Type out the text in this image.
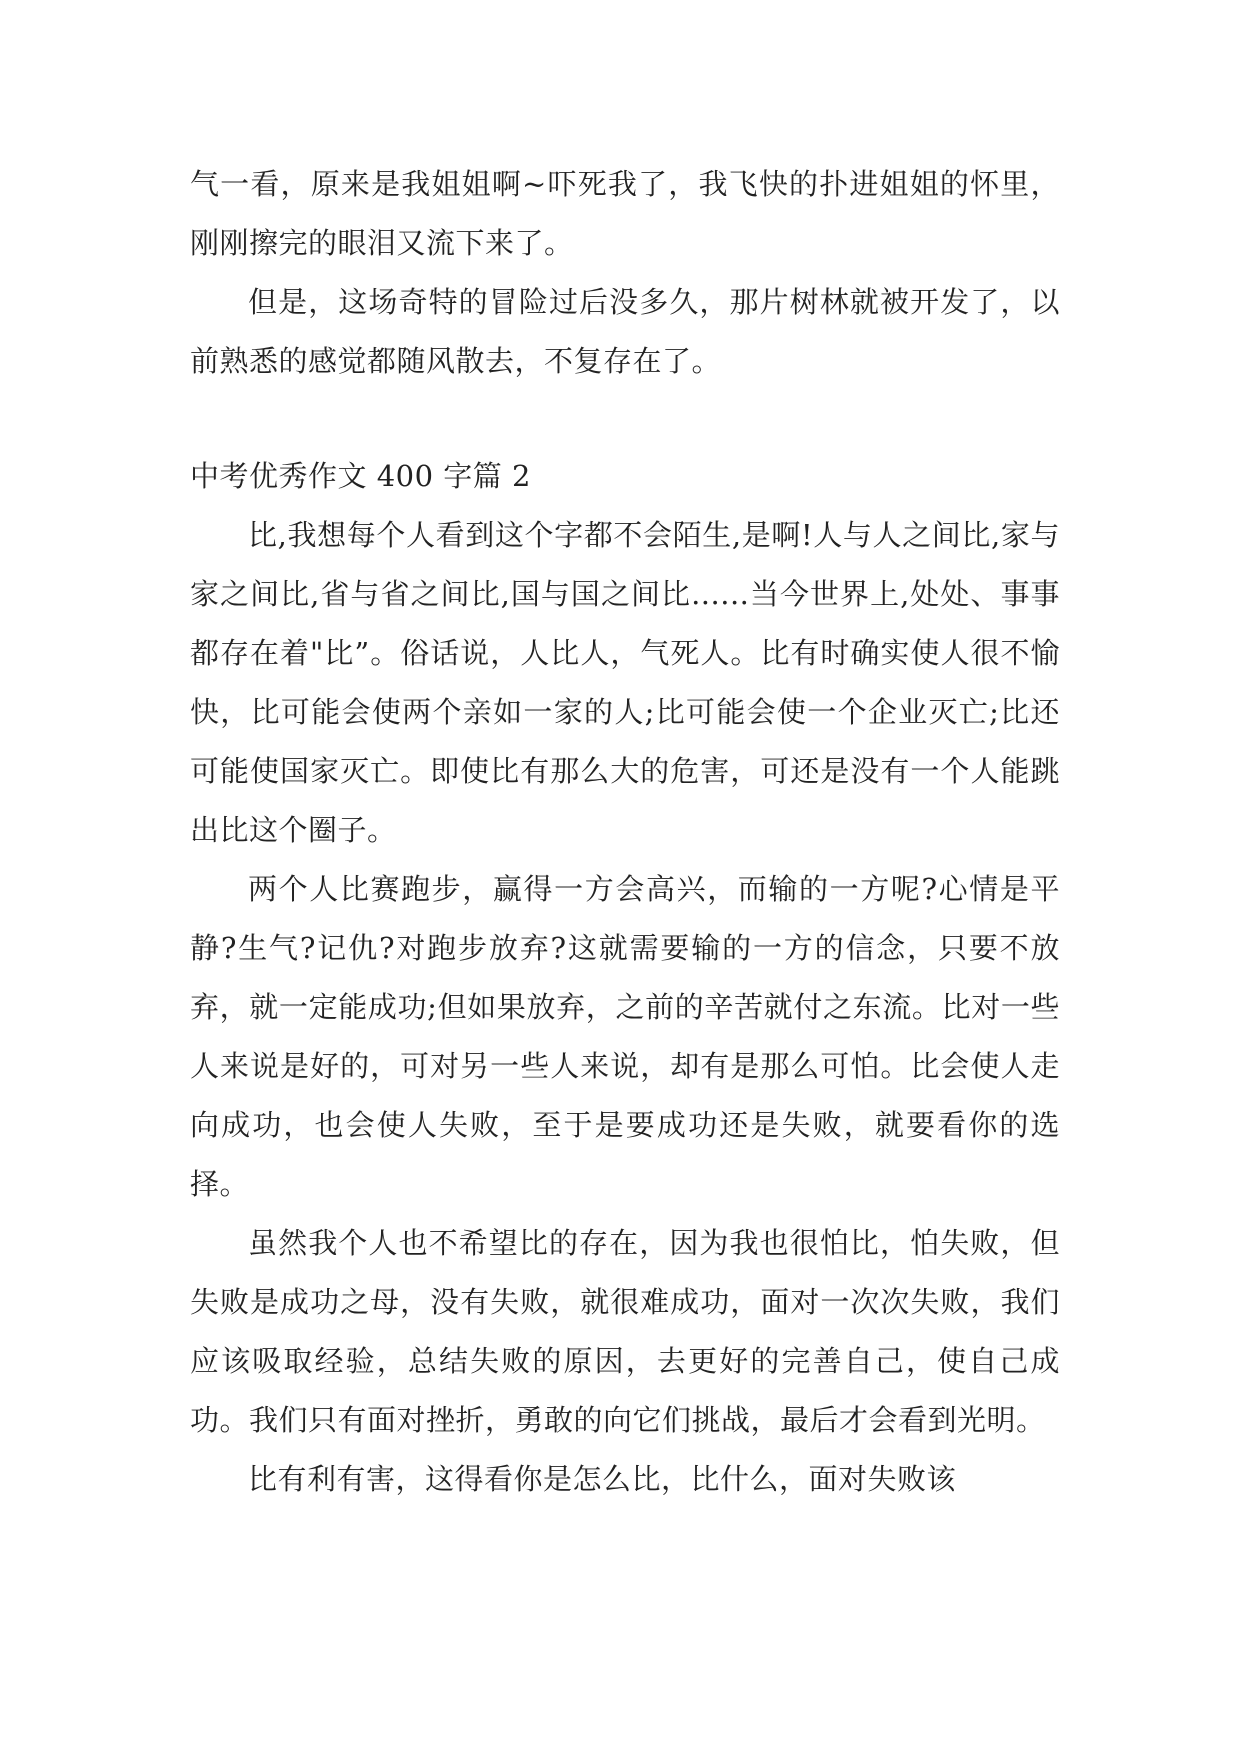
气一看，原来是我姐姐啊~吓死我了，我飞快的扑进姐姐的怀里，刚刚擦完的眼泪又流下来了。

但是，这场奇特的冒险过后没多久，那片树林就被开发了，以前熟悉的感觉都随风散去，不复存在了。

中考优秀作文 400 字篇 2

比,我想每个人看到这个字都不会陌生,是啊!人与人之间比,家与家之间比,省与省之间比,国与国之间比......当今世界上,处处、事事都存在着"比”。俗话说，人比人，气死人。比有时确实使人很不愉快，比可能会使两个亲如一家的人;比可能会使一个企业灭亡;比还可能使国家灭亡。即使比有那么大的危害，可还是没有一个人能跳出比这个圈子。

两个人比赛跑步，赢得一方会高兴，而输的一方呢?心情是平静?生气?记仇?对跑步放弃?这就需要输的一方的信念，只要不放弃，就一定能成功;但如果放弃，之前的辛苦就付之东流。比对一些人来说是好的，可对另一些人来说，却有是那么可怕。比会使人走向成功，也会使人失败，至于是要成功还是失败，就要看你的选择。

虽然我个人也不希望比的存在，因为我也很怕比，怕失败，但失败是成功之母，没有失败，就很难成功，面对一次次失败，我们应该吸取经验，总结失败的原因，去更好的完善自己，使自己成功。我们只有面对挫折，勇敢的向它们挑战，最后才会看到光明。

比有利有害，这得看你是怎么比，比什么，面对失败该
